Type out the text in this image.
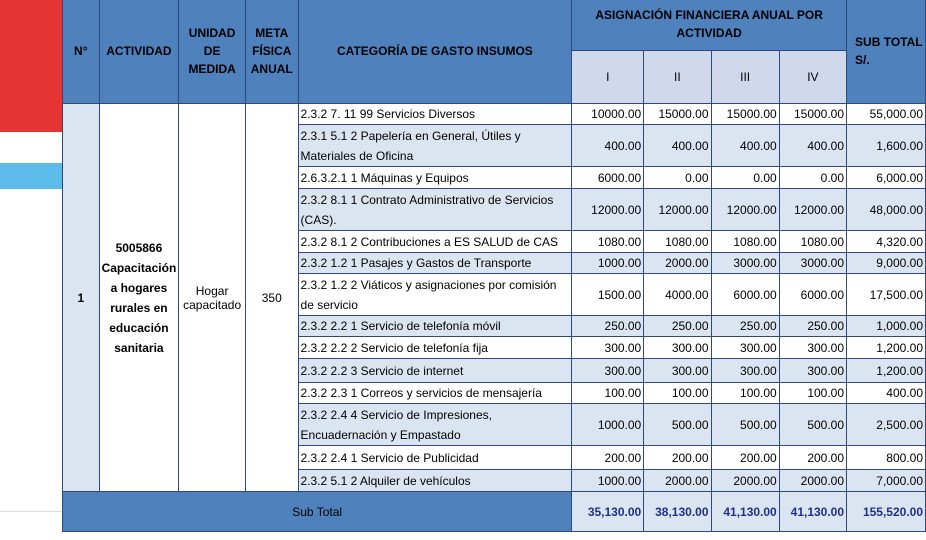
N°	ACTIVIDAD	UNIDAD DE MEDIDA	META FÍSICA ANUAL	CATEGORÍA DE GASTO INSUMOS	ASIGNACIÓN FINANCIERA ANUAL POR ACTIVIDAD				SUB TOTAL S/.
					I	II	III	IV	
1	5005866 Capacitación a hogares rurales en educación sanitaria	Hogar capacitado	350	2.3.2 7. 11 99 Servicios Diversos	10000.00	15000.00	15000.00	15000.00	55,000.00
				2.3.1 5.1 2 Papelería en General, Útiles y Materiales de Oficina	400.00	400.00	400.00	400.00	1,600.00
				2.6.3.2.1 1 Máquinas y Equipos	6000.00	0.00	0.00	0.00	6,000.00
				2.3.2 8.1 1 Contrato Administrativo de Servicios (CAS).	12000.00	12000.00	12000.00	12000.00	48,000.00
				2.3.2 8.1 2 Contribuciones a ES SALUD de CAS	1080.00	1080.00	1080.00	1080.00	4,320.00
				2.3.2 1.2 1 Pasajes y Gastos de Transporte	1000.00	2000.00	3000.00	3000.00	9,000.00
				2.3.2 1.2 2 Viáticos y asignaciones por comisión de servicio	1500.00	4000.00	6000.00	6000.00	17,500.00
				2.3.2 2.2 1 Servicio de telefonía móvil	250.00	250.00	250.00	250.00	1,000.00
				2.3.2 2.2 2 Servicio de telefonía fija	300.00	300.00	300.00	300.00	1,200.00
				2.3.2 2.2 3 Servicio de internet	300.00	300.00	300.00	300.00	1,200.00
				2.3.2 2.3 1 Correos y servicios de mensajería	100.00	100.00	100.00	100.00	400.00
				2.3.2 2.4 4 Servicio de Impresiones, Encuadernación y Empastado	1000.00	500.00	500.00	500.00	2,500.00
				2.3.2 2.4 1 Servicio de Publicidad	200.00	200.00	200.00	200.00	800.00
				2.3.2 5.1 2 Alquiler de vehículos	1000.00	2000.00	2000.00	2000.00	7,000.00
Sub Total					35,130.00	38,130.00	41,130.00	41,130.00	155,520.00
